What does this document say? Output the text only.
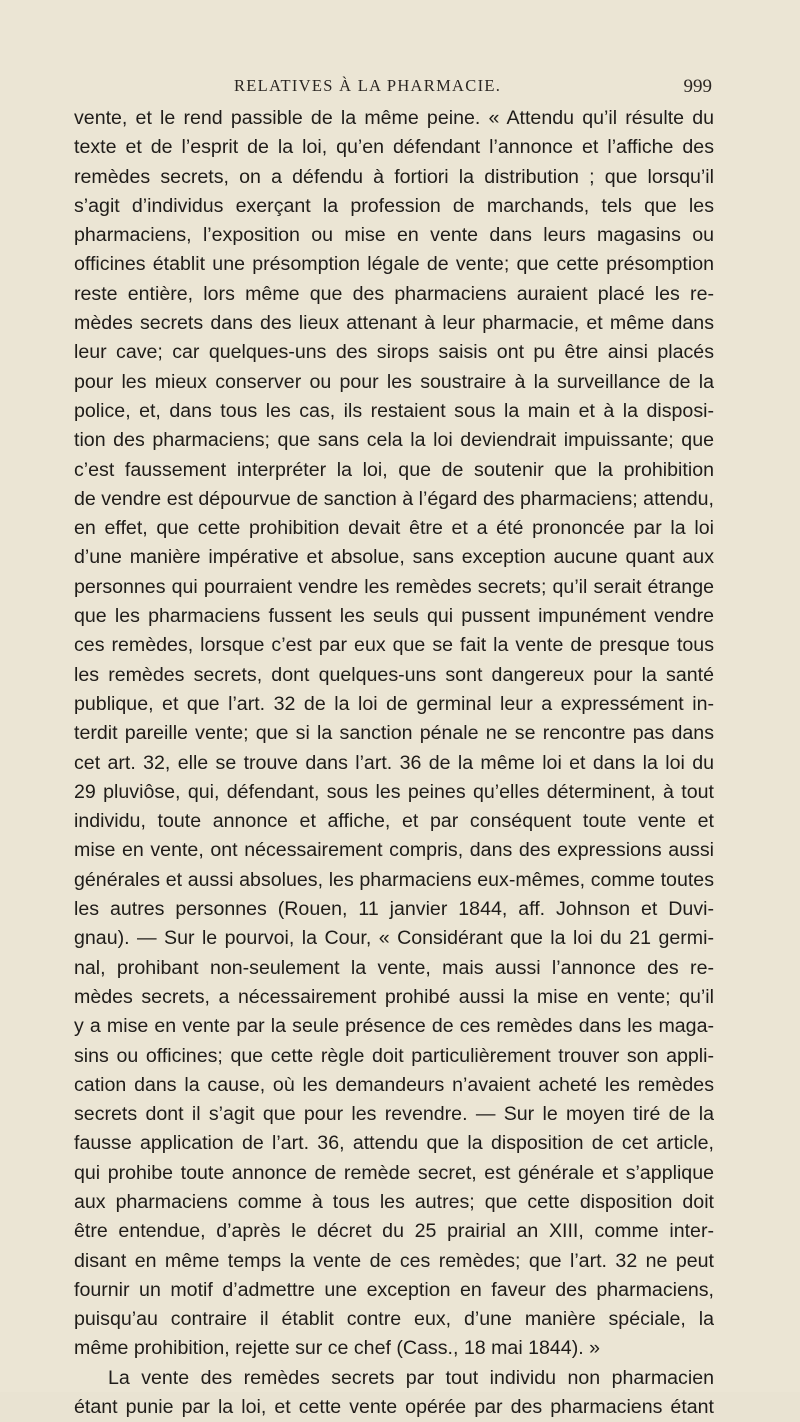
RELATIVES À LA PHARMACIE.	999
vente, et le rend passible de la même peine. « Attendu qu’il résulte du
texte et de l’esprit de la loi, qu’en défendant l’annonce et l’affiche des
remèdes secrets, on a défendu à fortiori la distribution ; que lorsqu’il
s’agit d’individus exerçant la profession de marchands, tels que les
pharmaciens, l’exposition ou mise en vente dans leurs magasins ou
officines établit une présomption légale de vente; que cette présomption
reste entière, lors même que des pharmaciens auraient placé les re-
mèdes secrets dans des lieux attenant à leur pharmacie, et même dans
leur cave; car quelques-uns des sirops saisis ont pu être ainsi placés
pour les mieux conserver ou pour les soustraire à la surveillance de la
police, et, dans tous les cas, ils restaient sous la main et à la disposi-
tion des pharmaciens; que sans cela la loi deviendrait impuissante; que
c’est faussement interpréter la loi, que de soutenir que la prohibition
de vendre est dépourvue de sanction à l’égard des pharmaciens; attendu,
en effet, que cette prohibition devait être et a été prononcée par la loi
d’une manière impérative et absolue, sans exception aucune quant aux
personnes qui pourraient vendre les remèdes secrets; qu’il serait étrange
que les pharmaciens fussent les seuls qui pussent impunément vendre
ces remèdes, lorsque c’est par eux que se fait la vente de presque tous
les remèdes secrets, dont quelques-uns sont dangereux pour la santé
publique, et que l’art. 32 de la loi de germinal leur a expressément in-
terdit pareille vente; que si la sanction pénale ne se rencontre pas dans
cet art. 32, elle se trouve dans l’art. 36 de la même loi et dans la loi du
29 pluviôse, qui, défendant, sous les peines qu’elles déterminent, à tout
individu, toute annonce et affiche, et par conséquent toute vente et
mise en vente, ont nécessairement compris, dans des expressions aussi
générales et aussi absolues, les pharmaciens eux-mêmes, comme toutes
les autres personnes (Rouen, 11 janvier 1844, aff. Johnson et Duvi-
gnau). — Sur le pourvoi, la Cour, « Considérant que la loi du 21 germi-
nal, prohibant non-seulement la vente, mais aussi l’annonce des re-
mèdes secrets, a nécessairement prohibé aussi la mise en vente; qu’il
y a mise en vente par la seule présence de ces remèdes dans les maga-
sins ou officines; que cette règle doit particulièrement trouver son appli-
cation dans la cause, où les demandeurs n’avaient acheté les remèdes
secrets dont il s’agit que pour les revendre. — Sur le moyen tiré de la
fausse application de l’art. 36, attendu que la disposition de cet article,
qui prohibe toute annonce de remède secret, est générale et s’applique
aux pharmaciens comme à tous les autres; que cette disposition doit
être entendue, d’après le décret du 25 prairial an XIII, comme inter-
disant en même temps la vente de ces remèdes; que l’art. 32 ne peut
fournir un motif d’admettre une exception en faveur des pharmaciens,
puisqu’au contraire il établit contre eux, d’une manière spéciale, la
même prohibition, rejette sur ce chef (Cass., 18 mai 1844). »
La vente des remèdes secrets par tout individu non pharmacien
étant punie par la loi, et cette vente opérée par des pharmaciens étant
